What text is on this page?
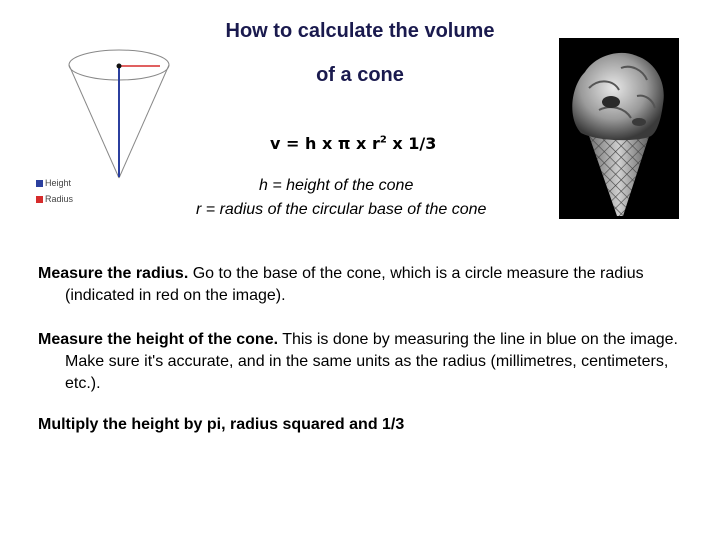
How to calculate the volume
of a cone
Height
Radius
v = h x π x $r^2$ x 1/3
h = height of the cone
r = radius of the circular base of the cone
Measure the radius. Go to the base of the cone, which is a circle measure the radius (indicated in red on the image).
Measure the height of the cone. This is done by measuring the line in blue on the image. Make sure it's accurate, and in the same units as the radius (millimetres, centimeters, etc.).
Multiply the height by pi, radius squared and 1/3
